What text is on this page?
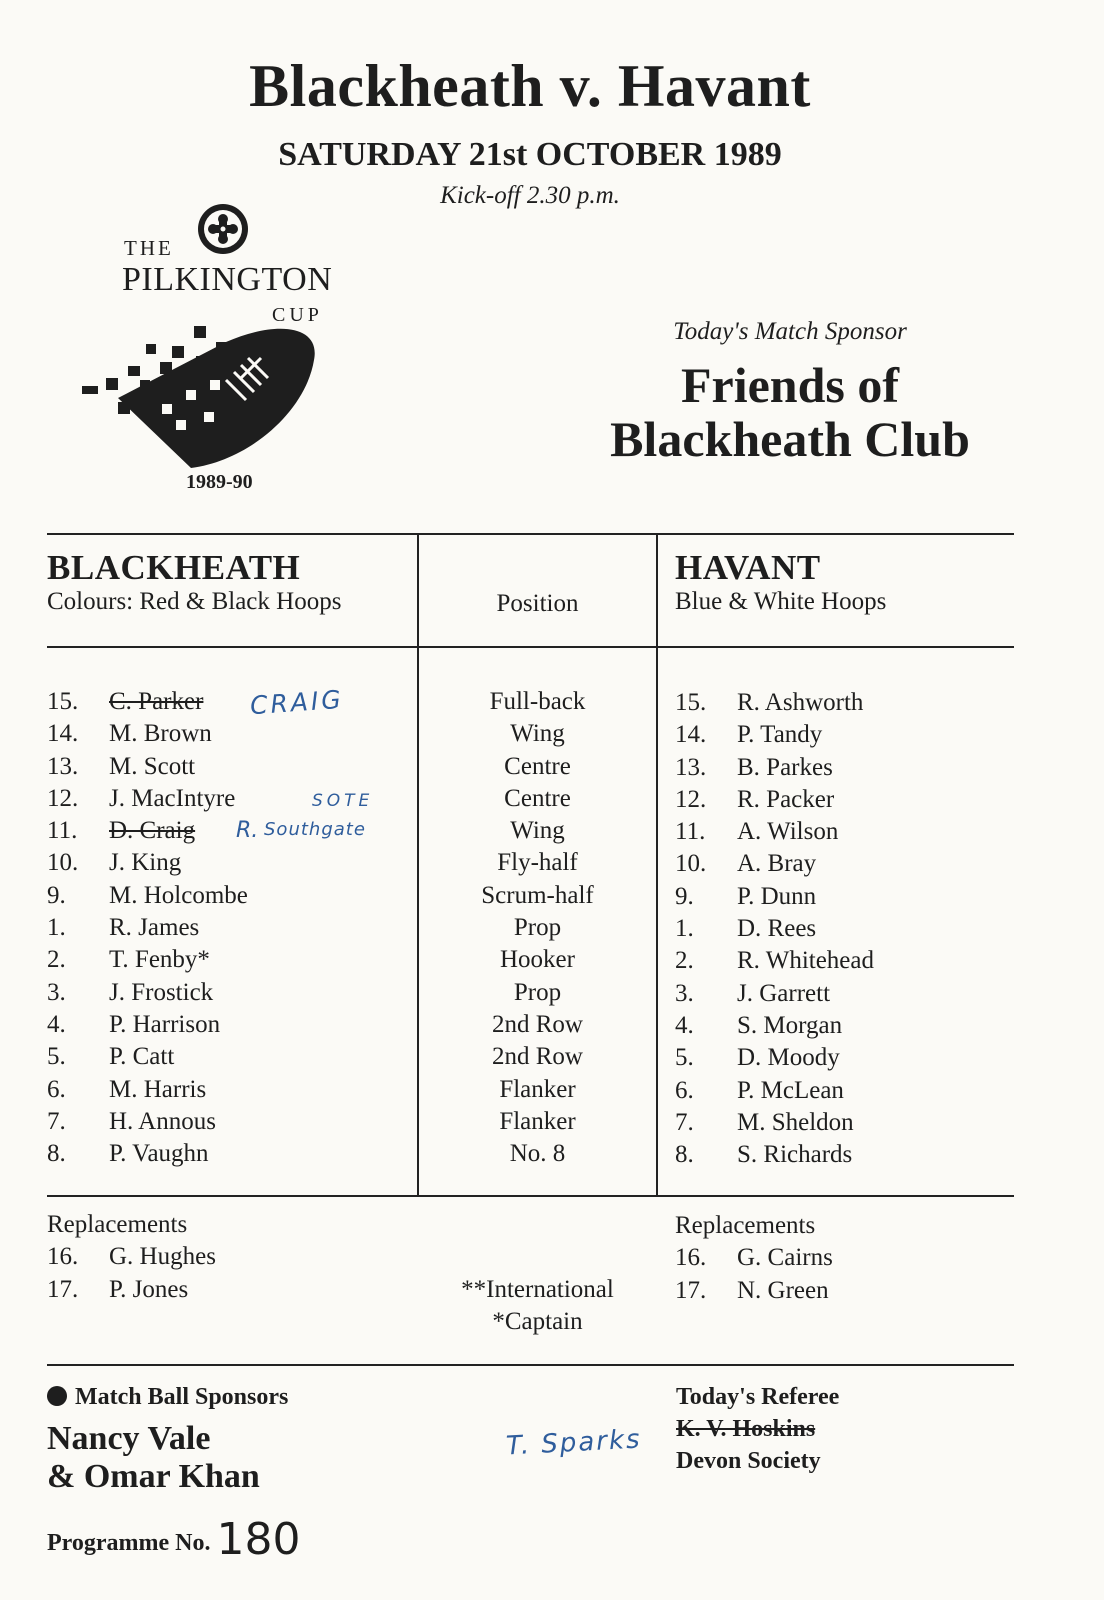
Blackheath v. Havant
SATURDAY 21st OCTOBER 1989
Kick-off 2.30 p.m.
THE
PILKINGTON
CUP
1989-90
Today's Match Sponsor
Friends of
Blackheath Club
BLACKHEATH
Colours: Red & Black Hoops	Position
HAVANT
Blue & White Hoops
15. C. Parker
14. M. Brown
13. M. Scott
12. J. MacIntyre
11. D. Craig
10. J. King
9. M. Holcombe
1. R. James
2. T. Fenby*
3. J. Frostick
4. P. Harrison
5. P. Catt
6. M. Harris
7. H. Annous
8. P. Vaughn
CRAIG
SOTE
R. Southgate
Full-back
Wing
Centre
Centre
Wing
Fly-half
Scrum-half
Prop
Hooker
Prop
2nd Row
2nd Row
Flanker
Flanker
No. 8
15. R. Ashworth
14. P. Tandy
13. B. Parkes
12. R. Packer
11. A. Wilson
10. A. Bray
9. P. Dunn
1. D. Rees
2. R. Whitehead
3. J. Garrett
4. S. Morgan
5. D. Moody
6. P. McLean
7. M. Sheldon
8. S. Richards
Replacements
16. G. Hughes
17. P. Jones	**International
*Captain
Replacements
16. G. Cairns
17. N. Green
Match Ball Sponsors
Nancy Vale
& Omar Khan
Programme No. 180
T. Sparks
Today's Referee
K. V. Hoskins
Devon Society
